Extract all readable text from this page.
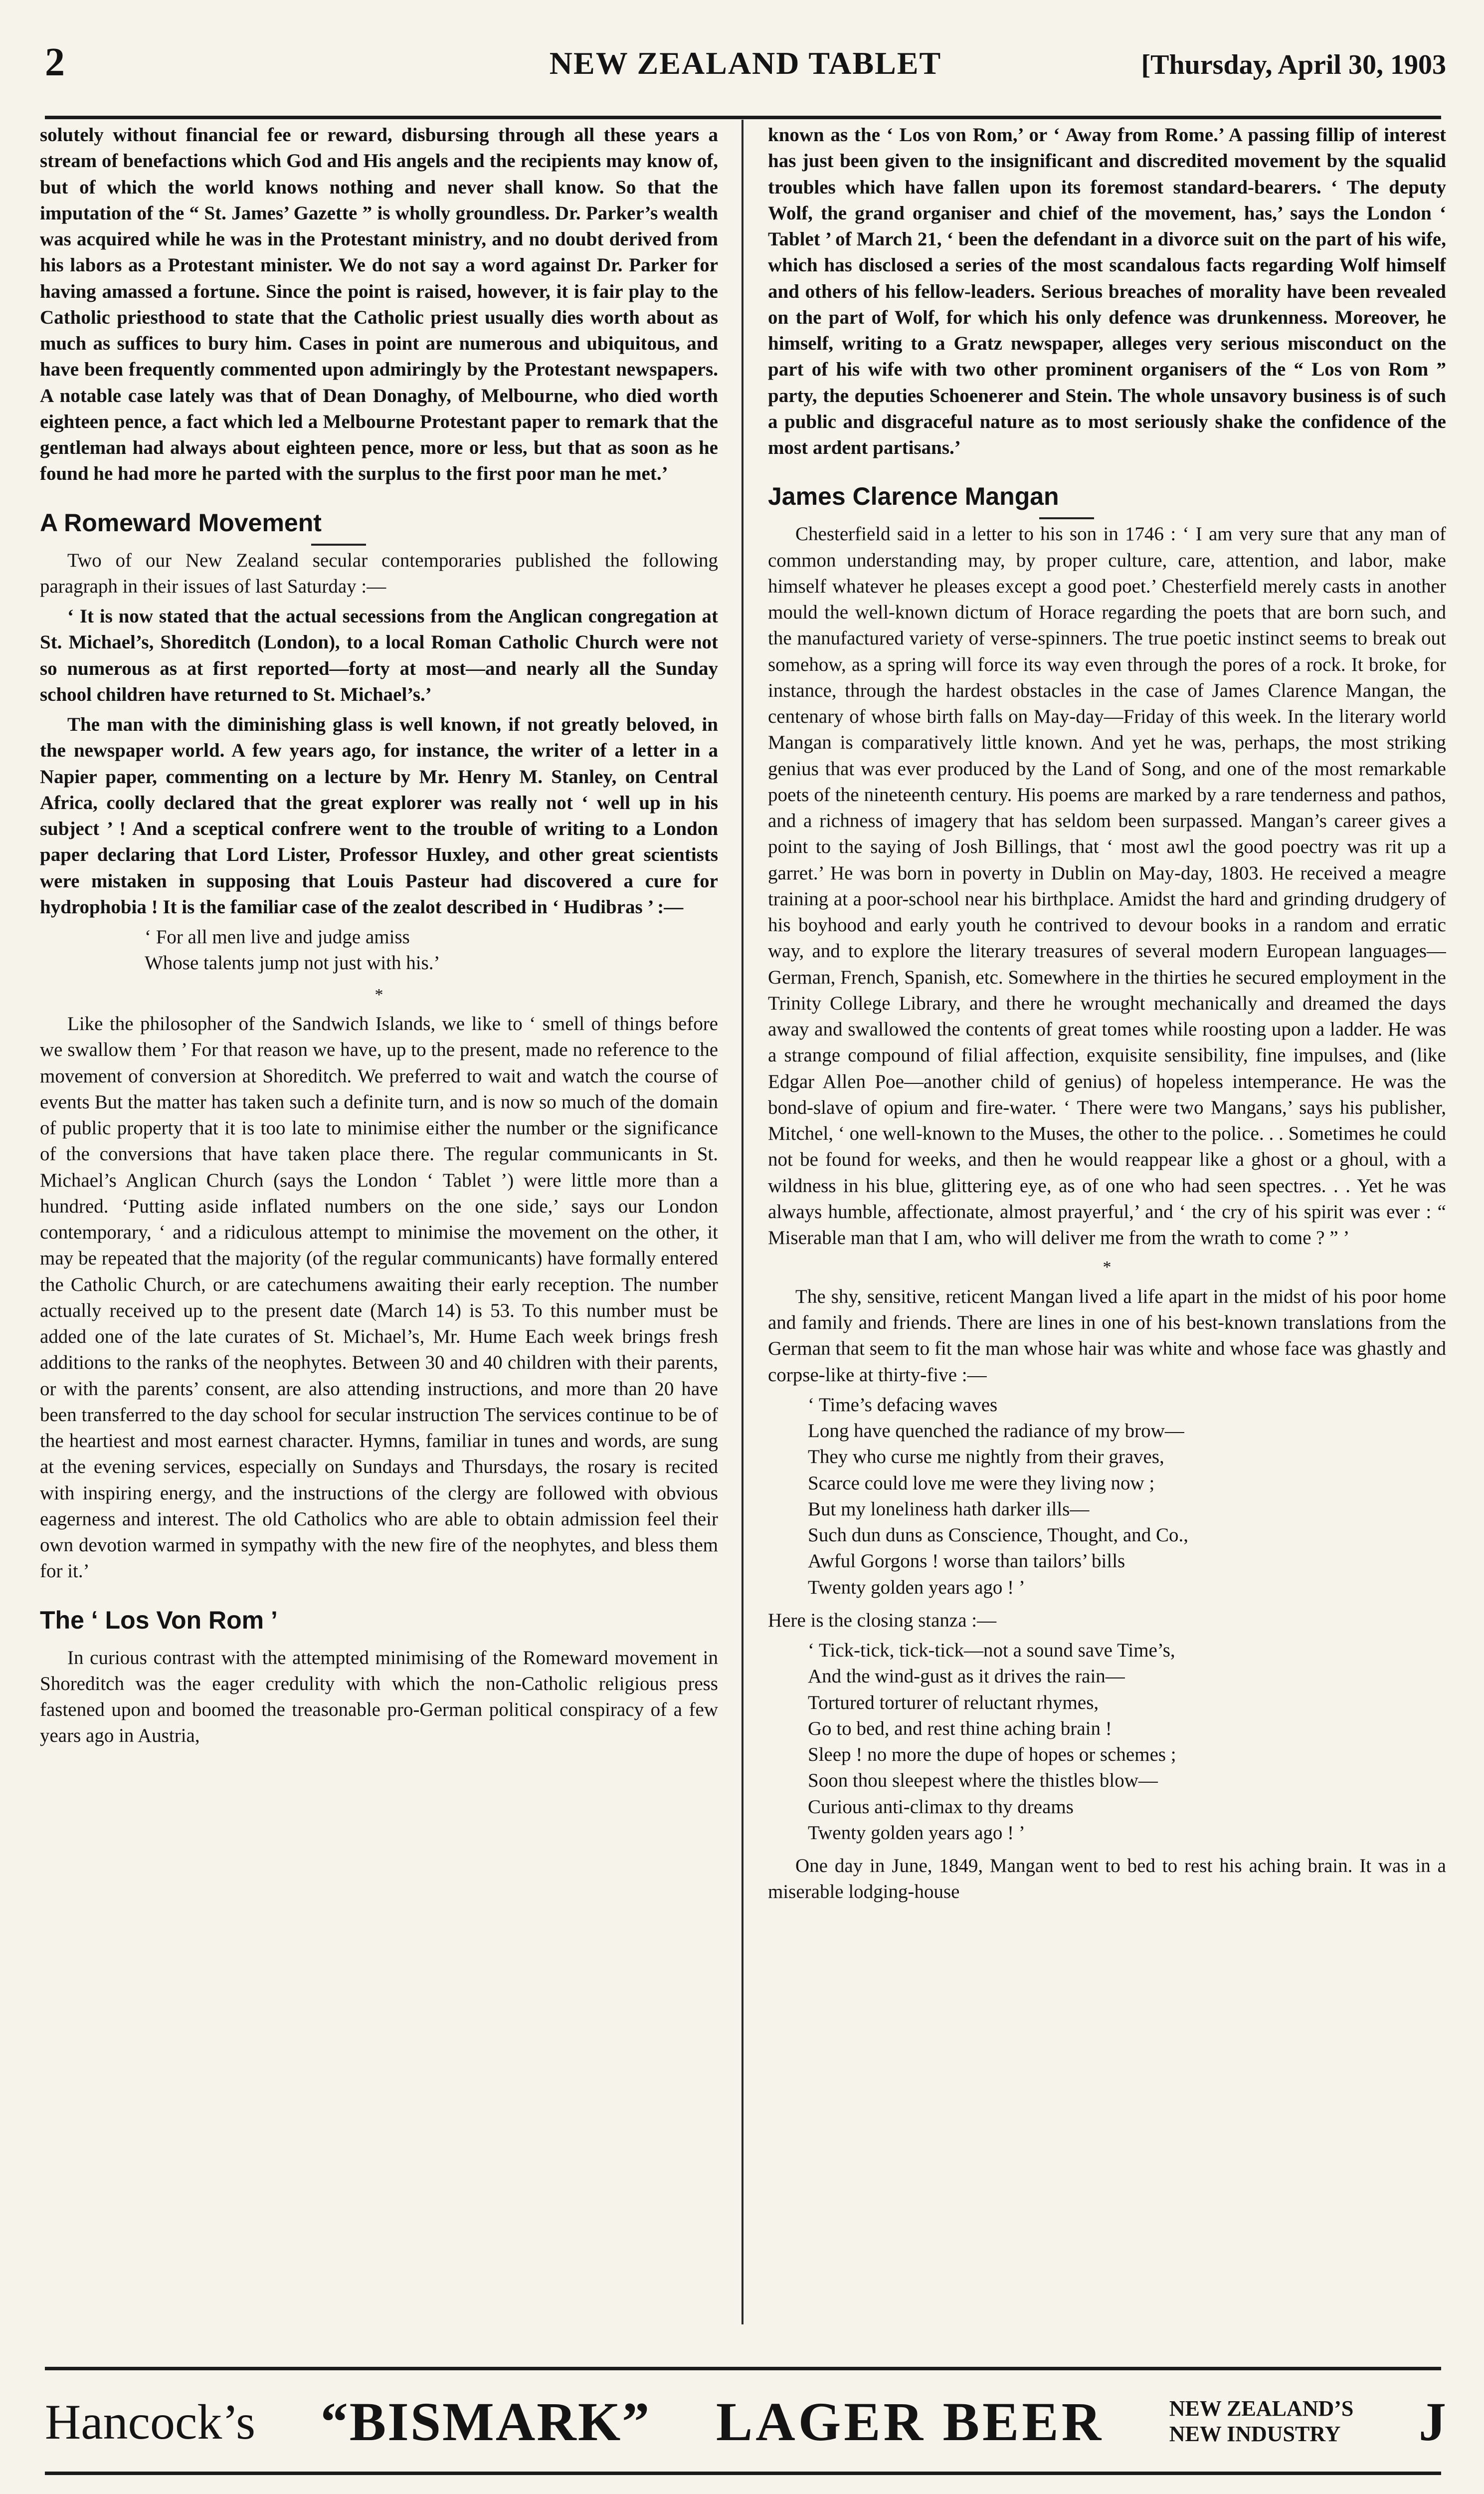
2	NEW ZEALAND TABLET	[Thursday, April 30, 1903

solutely without financial fee or reward, disbursing through all these years a stream of benefactions which God and His angels and the recipients may know of, but of which the world knows nothing and never shall know. So that the imputation of the “ St. James’ Gazette ” is wholly groundless. Dr. Parker’s wealth was acquired while he was in the Protestant ministry, and no doubt derived from his labors as a Protestant minister. We do not say a word against Dr. Parker for having amassed a fortune. Since the point is raised, however, it is fair play to the Catholic priesthood to state that the Catholic priest usually dies worth about as much as suffices to bury him. Cases in point are numerous and ubiquitous, and have been frequently commented upon admiringly by the Protestant newspapers. A notable case lately was that of Dean Donaghy, of Melbourne, who died worth eighteen pence, a fact which led a Melbourne Protestant paper to remark that the gentleman had always about eighteen pence, more or less, but that as soon as he found he had more he parted with the surplus to the first poor man he met.’

A Romeward Movement

Two of our New Zealand secular contemporaries published the following paragraph in their issues of last Saturday :—

‘ It is now stated that the actual secessions from the Anglican congregation at St. Michael’s, Shoreditch (London), to a local Roman Catholic Church were not so numerous as at first reported—forty at most—and nearly all the Sunday school children have returned to St. Michael’s.’

The man with the diminishing glass is well known, if not greatly beloved, in the newspaper world. A few years ago, for instance, the writer of a letter in a Napier paper, commenting on a lecture by Mr. Henry M. Stanley, on Central Africa, coolly declared that the great explorer was really not ‘ well up in his subject ’ ! And a sceptical confrere went to the trouble of writing to a London paper declaring that Lord Lister, Professor Huxley, and other great scientists were mistaken in supposing that Louis Pasteur had discovered a cure for hydrophobia ! It is the familiar case of the zealot described in ‘ Hudibras ’ :—

‘ For all men live and judge amiss
Whose talents jump not just with his.’
*

Like the philosopher of the Sandwich Islands, we like to ‘ smell of things before we swallow them ’ For that reason we have, up to the present, made no reference to the movement of conversion at Shoreditch. We preferred to wait and watch the course of events But the matter has taken such a definite turn, and is now so much of the domain of public property that it is too late to minimise either the number or the significance of the conversions that have taken place there. The regular communicants in St. Michael’s Anglican Church (says the London ‘ Tablet ’) were little more than a hundred. ‘Putting aside inflated numbers on the one side,’ says our London contemporary, ‘ and a ridiculous attempt to minimise the movement on the other, it may be repeated that the majority (of the regular communicants) have formally entered the Catholic Church, or are catechumens awaiting their early reception. The number actually received up to the present date (March 14) is 53. To this number must be added one of the late curates of St. Michael’s, Mr. Hume Each week brings fresh additions to the ranks of the neophytes. Between 30 and 40 children with their parents, or with the parents’ consent, are also attending instructions, and more than 20 have been transferred to the day school for secular instruction The services continue to be of the heartiest and most earnest character. Hymns, familiar in tunes and words, are sung at the evening services, especially on Sundays and Thursdays, the rosary is recited with inspiring energy, and the instructions of the clergy are followed with obvious eagerness and interest. The old Catholics who are able to obtain admission feel their own devotion warmed in sympathy with the new fire of the neophytes, and bless them for it.’

The ‘ Los Von Rom ’

In curious contrast with the attempted minimising of the Romeward movement in Shoreditch was the eager credulity with which the non-Catholic religious press fastened upon and boomed the treasonable pro-German political conspiracy of a few years ago in Austria,

known as the ‘ Los von Rom,’ or ‘ Away from Rome.’ A passing fillip of interest has just been given to the insignificant and discredited movement by the squalid troubles which have fallen upon its foremost standard-bearers. ‘ The deputy Wolf, the grand organiser and chief of the movement, has,’ says the London ‘ Tablet ’ of March 21, ‘ been the defendant in a divorce suit on the part of his wife, which has disclosed a series of the most scandalous facts regarding Wolf himself and others of his fellow-leaders. Serious breaches of morality have been revealed on the part of Wolf, for which his only defence was drunkenness. Moreover, he himself, writing to a Gratz newspaper, alleges very serious misconduct on the part of his wife with two other prominent organisers of the “ Los von Rom ” party, the deputies Schoenerer and Stein. The whole unsavory business is of such a public and disgraceful nature as to most seriously shake the confidence of the most ardent partisans.’

James Clarence Mangan

Chesterfield said in a letter to his son in 1746 : ‘ I am very sure that any man of common understanding may, by proper culture, care, attention, and labor, make himself whatever he pleases except a good poet.’ Chesterfield merely casts in another mould the well-known dictum of Horace regarding the poets that are born such, and the manufactured variety of verse-spinners. The true poetic instinct seems to break out somehow, as a spring will force its way even through the pores of a rock. It broke, for instance, through the hardest obstacles in the case of James Clarence Mangan, the centenary of whose birth falls on May-day—Friday of this week. In the literary world Mangan is comparatively little known. And yet he was, perhaps, the most striking genius that was ever produced by the Land of Song, and one of the most remarkable poets of the nineteenth century. His poems are marked by a rare tenderness and pathos, and a richness of imagery that has seldom been surpassed. Mangan’s career gives a point to the saying of Josh Billings, that ‘ most awl the good poectry was rit up a garret.’ He was born in poverty in Dublin on May-day, 1803. He received a meagre training at a poor-school near his birthplace. Amidst the hard and grinding drudgery of his boyhood and early youth he contrived to devour books in a random and erratic way, and to explore the literary treasures of several modern European languages—German, French, Spanish, etc. Somewhere in the thirties he secured employment in the Trinity College Library, and there he wrought mechanically and dreamed the days away and swallowed the contents of great tomes while roosting upon a ladder. He was a strange compound of filial affection, exquisite sensibility, fine impulses, and (like Edgar Allen Poe—another child of genius) of hopeless intemperance. He was the bond-slave of opium and fire-water. ‘ There were two Mangans,’ says his publisher, Mitchel, ‘ one well-known to the Muses, the other to the police. . . Sometimes he could not be found for weeks, and then he would reappear like a ghost or a ghoul, with a wildness in his blue, glittering eye, as of one who had seen spectres. . . Yet he was always humble, affectionate, almost prayerful,’ and ‘ the cry of his spirit was ever : “ Miserable man that I am, who will deliver me from the wrath to come ? ” ’

*

The shy, sensitive, reticent Mangan lived a life apart in the midst of his poor home and family and friends. There are lines in one of his best-known translations from the German that seem to fit the man whose hair was white and whose face was ghastly and corpse-like at thirty-five :—

‘ Time’s defacing waves
Long have quenched the radiance of my brow—
They who curse me nightly from their graves,
Scarce could love me were they living now ;
But my loneliness hath darker ills—
Such dun duns as Conscience, Thought, and Co.,
Awful Gorgons ! worse than tailors’ bills
Twenty golden years ago ! ’

Here is the closing stanza :—

‘ Tick-tick, tick-tick—not a sound save Time’s,
And the wind-gust as it drives the rain—
Tortured torturer of reluctant rhymes,
Go to bed, and rest thine aching brain !
Sleep ! no more the dupe of hopes or schemes ;
Soon thou sleepest where the thistles blow—
Curious anti-climax to thy dreams
Twenty golden years ago ! ’

One day in June, 1849, Mangan went to bed to rest his aching brain. It was in a miserable lodging-house

Hancock’s “BISMARK” LAGER BEER	NEW ZEALAND’S
NEW INDUSTRY J
